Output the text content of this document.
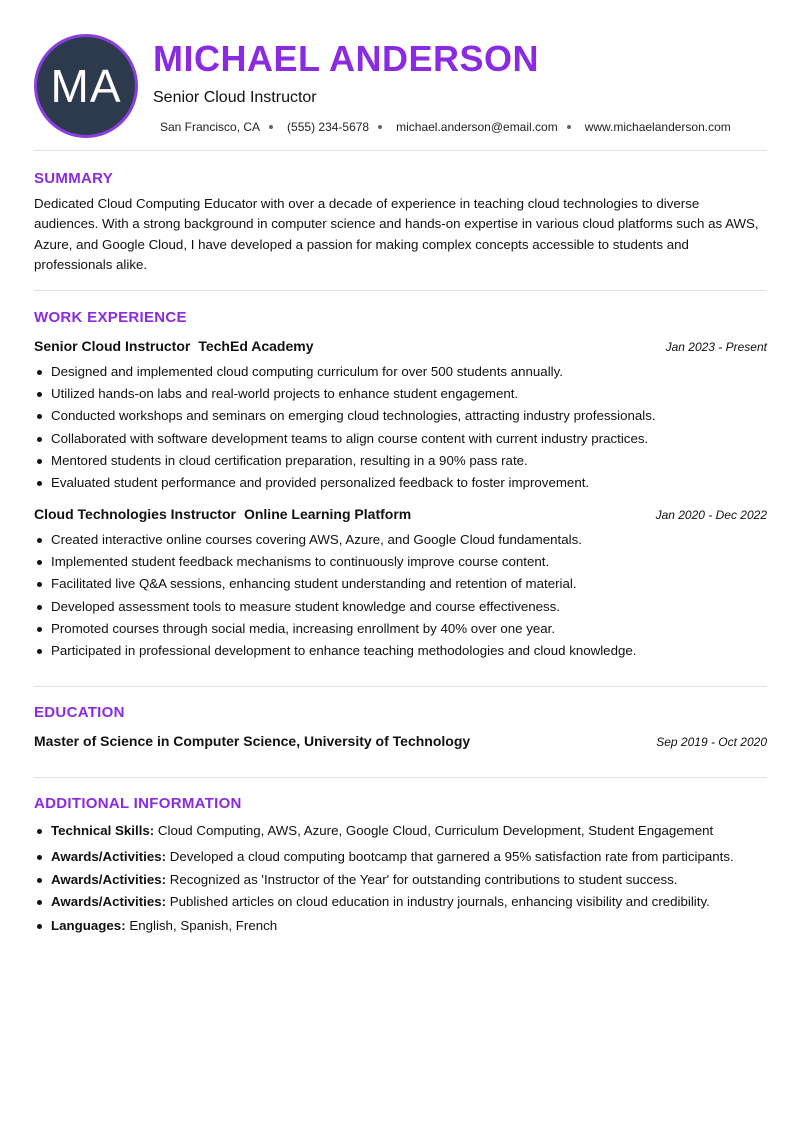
MA
MICHAEL ANDERSON
Senior Cloud Instructor
San Francisco, CA (555) 234-5678 michael.anderson@email.com www.michaelanderson.com
SUMMARY

Dedicated Cloud Computing Educator with over a decade of experience in teaching cloud technologies to diverse audiences. With a strong background in computer science and hands-on expertise in various cloud platforms such as AWS, Azure, and Google Cloud, I have developed a passion for making complex concepts accessible to students and professionals alike.

WORK EXPERIENCE
Senior Cloud Instructor TechEd Academy	Jan 2023 - Present
Designed and implemented cloud computing curriculum for over 500 students annually.
Utilized hands-on labs and real-world projects to enhance student engagement.
Conducted workshops and seminars on emerging cloud technologies, attracting industry professionals.
Collaborated with software development teams to align course content with current industry practices.
Mentored students in cloud certification preparation, resulting in a 90% pass rate.
Evaluated student performance and provided personalized feedback to foster improvement.
Cloud Technologies Instructor Online Learning Platform	Jan 2020 - Dec 2022
Created interactive online courses covering AWS, Azure, and Google Cloud fundamentals.
Implemented student feedback mechanisms to continuously improve course content.
Facilitated live Q&A sessions, enhancing student understanding and retention of material.
Developed assessment tools to measure student knowledge and course effectiveness.
Promoted courses through social media, increasing enrollment by 40% over one year.
Participated in professional development to enhance teaching methodologies and cloud knowledge.
EDUCATION
Master of Science in Computer Science, University of Technology	Sep 2019 - Oct 2020
ADDITIONAL INFORMATION
Technical Skills: Cloud Computing, AWS, Azure, Google Cloud, Curriculum Development, Student Engagement
Awards/Activities: Developed a cloud computing bootcamp that garnered a 95% satisfaction rate from participants.
Awards/Activities: Recognized as 'Instructor of the Year' for outstanding contributions to student success.
Awards/Activities: Published articles on cloud education in industry journals, enhancing visibility and credibility.
Languages: English, Spanish, French
